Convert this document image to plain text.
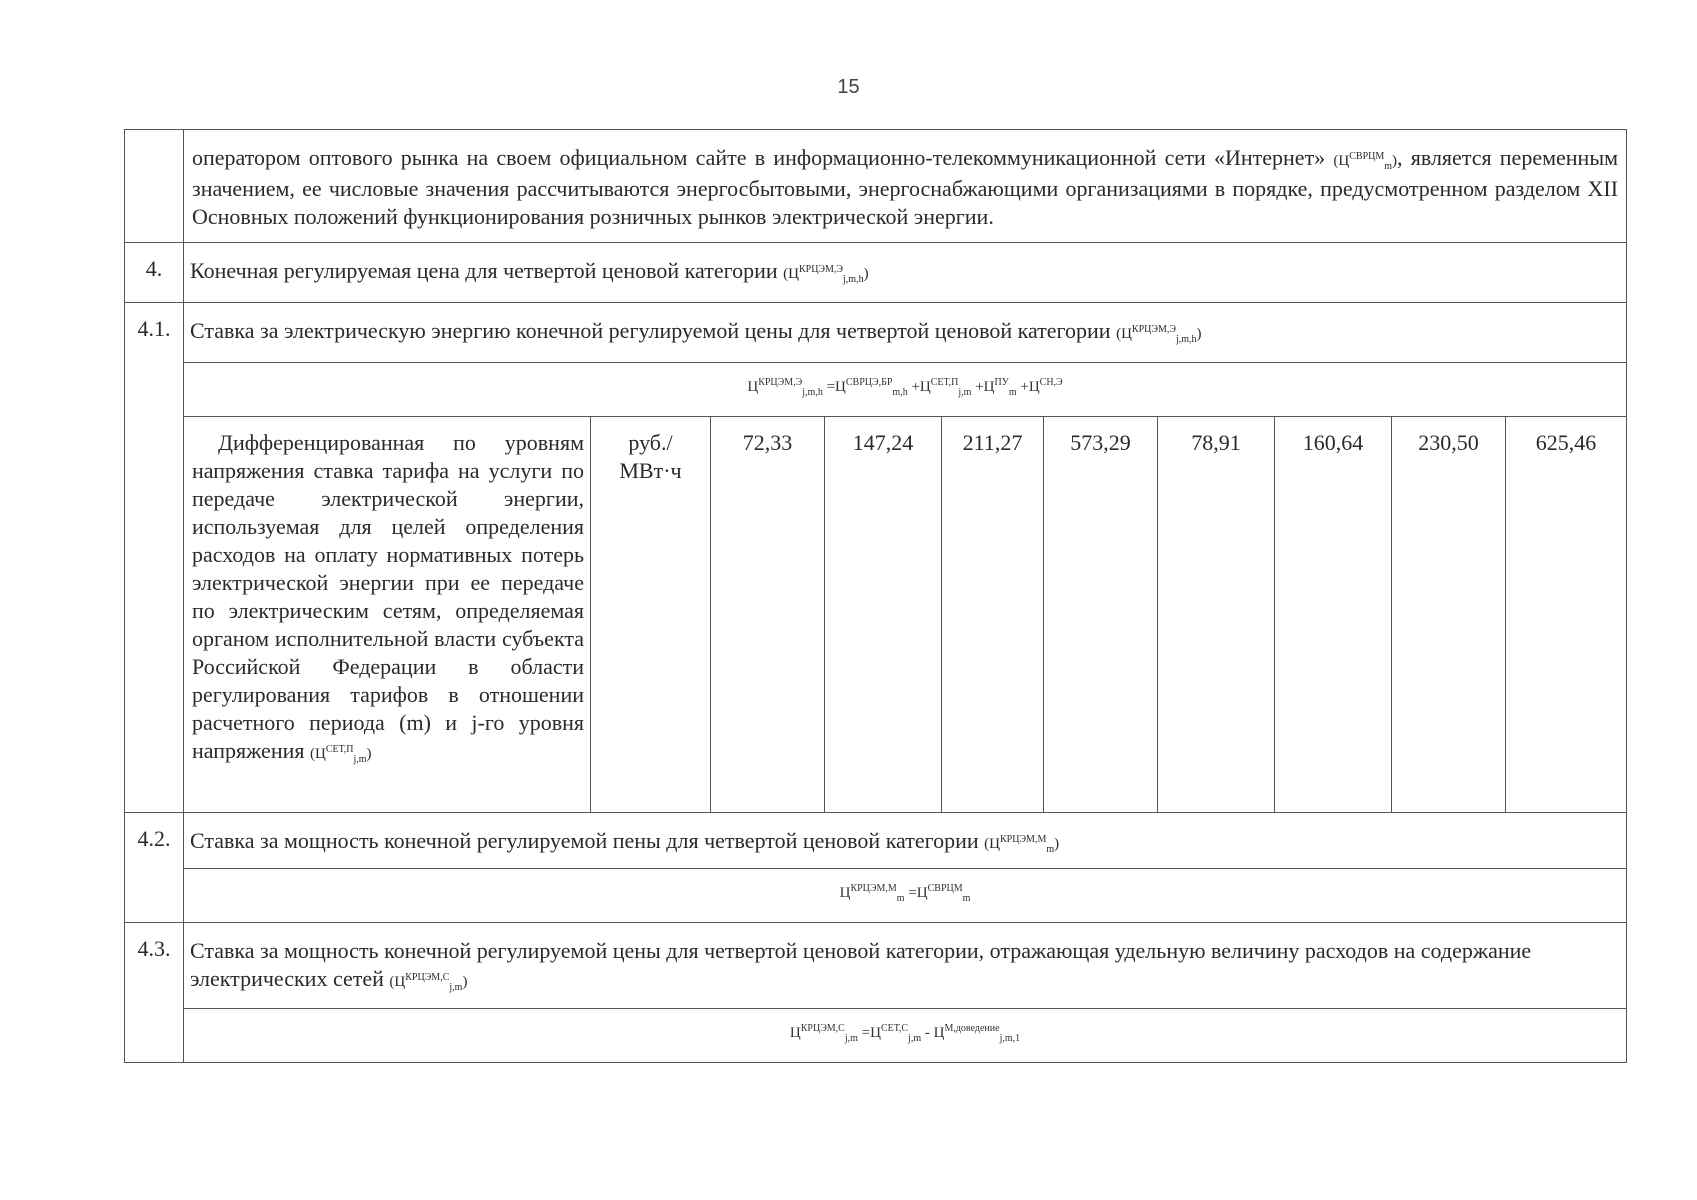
15
	оператором оптового рынка на своем официальном сайте в информационно-телекоммуникационной сети «Интернет» $(Ц^{СВРЦМ}_m)$, является переменным значением, ее числовые значения рассчитываются энергосбытовыми, энергоснабжающими организациями в порядке, предусмотренном разделом XII Основных положений функционирования розничных рынков электрической энергии.									
4.	Конечная регулируемая цена для четвертой ценовой категории $(Ц^{КРЦЭМ,Э}_{j,m,h})$									
4.1.	Ставка за электрическую энергию конечной регулируемой цены для четвертой ценовой категории $(Ц^{КРЦЭМ,Э}_{j,m,h})$									
	$Ц^{КРЦЭМ,Э}_{j,m,h} =Ц^{СВРЦЭ,БР}_{m,h} +Ц^{СЕТ,П}_{j,m} +Ц^{ПУ}_m +Ц^{СН,Э}$
	Дифференцированная по уровням напряжения ставка тарифа на услуги по передаче электрической энергии, используемая для целей определения расходов на оплату нормативных потерь электрической энергии при ее передаче по электрическим сетям, определяемая органом исполнительной власти субъекта Российской Федерации в области регулирования тарифов в отношении расчетного периода (m) и j-го уровня напряжения $(Ц^{СЕТ,П}_{j,m})$	руб./
МВт·ч	72,33	147,24	211,27	573,29	78,91	160,64	230,50	625,46
4.2.	Ставка за мощность конечной регулируемой пены для четвертой ценовой категории $(Ц^{КРЦЭМ,М}_m)$									
	$Ц^{КРЦЭМ,М}_m =Ц^{СВРЦМ}_m$
4.3.	Ставка за мощность конечной регулируемой цены для четвертой ценовой категории, отражающая удельную величину расходов на содержание электрических сетей $(Ц^{КРЦЭМ,С}_{j,m})$									
	$Ц^{КРЦЭМ,С}_{j,m} =Ц^{СЕТ,С}_{j,m} - Ц^{М,доведение}_{j,m,1}$
